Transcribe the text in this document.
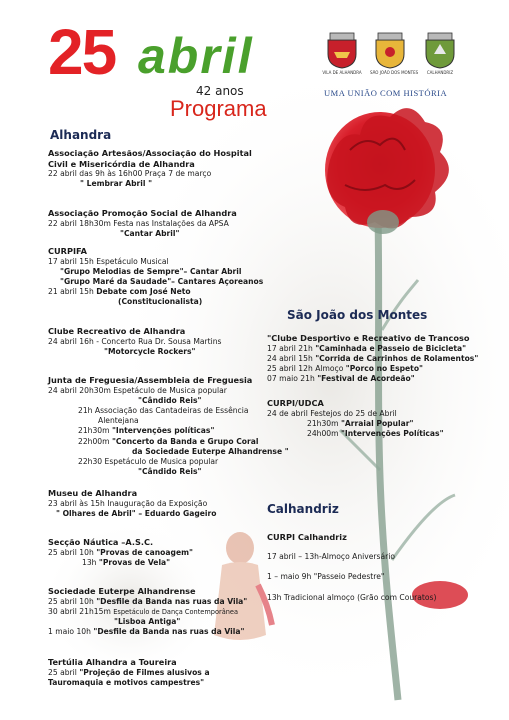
25 abril
42 anos
Programa
VILA DE ALHANDRA SÃO JOÃO DOS MONTES	CALHANDRIZ
UMA UNIÃO COM HISTÓRIA
Alhandra
Associação Artesãos/Associação do Hospital
Civil e Misericórdia de Alhandra
22 abril das 9h às 16h00 Praça 7 de março
" Lembrar Abril "
Associação Promoção Social de Alhandra
22 abril 18h30m Festa nas Instalações da APSA
"Cantar Abril"
CURPIFA
17 abril 15h Espetáculo Musical
"Grupo Melodias de Sempre"– Cantar Abril
"Grupo Maré da Saudade"– Cantares Açoreanos
21 abril 15h Debate com José Neto
(Constitucionalista)
Clube Recreativo de Alhandra
24 abril 16h - Concerto Rua Dr. Sousa Martins
"Motorcycle Rockers"
Junta de Freguesia/Assembleia de Freguesia
24 abril 20h30m Espetáculo de Musica popular
"Cândido Reis"
21h Associação das Cantadeiras de Essência
Alentejana
21h30m "Intervenções políticas"
22h00m "Concerto da Banda e Grupo Coral
da Sociedade Euterpe Alhandrense "
22h30 Espetáculo de Musica popular
"Cândido Reis"
Museu de Alhandra
23 abril às 15h Inauguração da Exposição
" Olhares de Abril" – Eduardo Gageiro
Secção Náutica –A.S.C.
25 abril 10h "Provas de canoagem"
13h "Provas de Vela"
Sociedade Euterpe Alhandrense
25 abril 10h "Desfile da Banda nas ruas da Vila"
30 abril 21h15m Espetáculo de Dança Contemporânea
"Lisboa Antiga"
1 maio 10h "Desfile da Banda nas ruas da Vila"
Tertúlia Alhandra a Toureira
25 abril "Projeção de Filmes alusivos a
Tauromaquia e motivos campestres"
São João dos Montes
"Clube Desportivo e Recreativo de Trancoso
17 abril 21h "Caminhada e Passeio de Bicicleta"
24 abril 15h "Corrida de Carrinhos de Rolamentos"
25 abril 12h Almoço "Porco no Espeto"
07 maio 21h "Festival de Acordeão"
CURPI/UDCA
24 de abril Festejos do 25 de Abril
21h30m "Arraial Popular"
24h00m "Intervenções Políticas"
Calhandriz
CURPI Calhandriz
17 abril – 13h-Almoço Aniversário
1 – maio 9h "Passeio Pedestre"
13h Tradicional almoço (Grão com Couratos)
